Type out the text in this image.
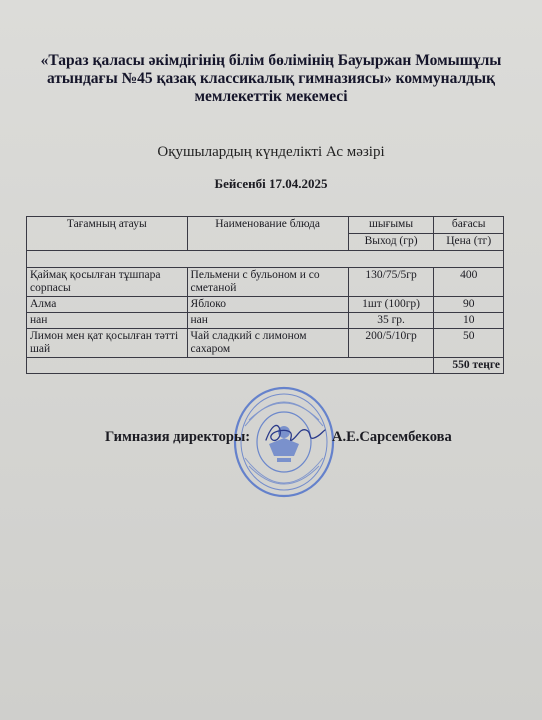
«Тараз қаласы әкімдігінің білім бөлімінің Бауыржан Момышұлы атындағы №45 қазақ классикалық гимназиясы» коммуналдық мемлекеттік мекемесі
Оқушылардың күнделікті Ас мәзірі
Бейсенбі 17.04.2025
Тағамның атауы	Наименование блюда	шығымы	бағасы
		Выход (гр)	Цена (тг)

Қаймақ қосылған тұшпара сорпасы	Пельмени с бульоном и со сметаной	130/75/5гр	400
Алма	Яблоко	1шт (100гр)	90
нан	нан	35 гр.	10
Лимон мен қат қосылған тәтті шай	Чай сладкий с лимоном сахаром	200/5/10гр	50
			550 теңге
Гимназия директоры:	А.Е.Сарсембекова
